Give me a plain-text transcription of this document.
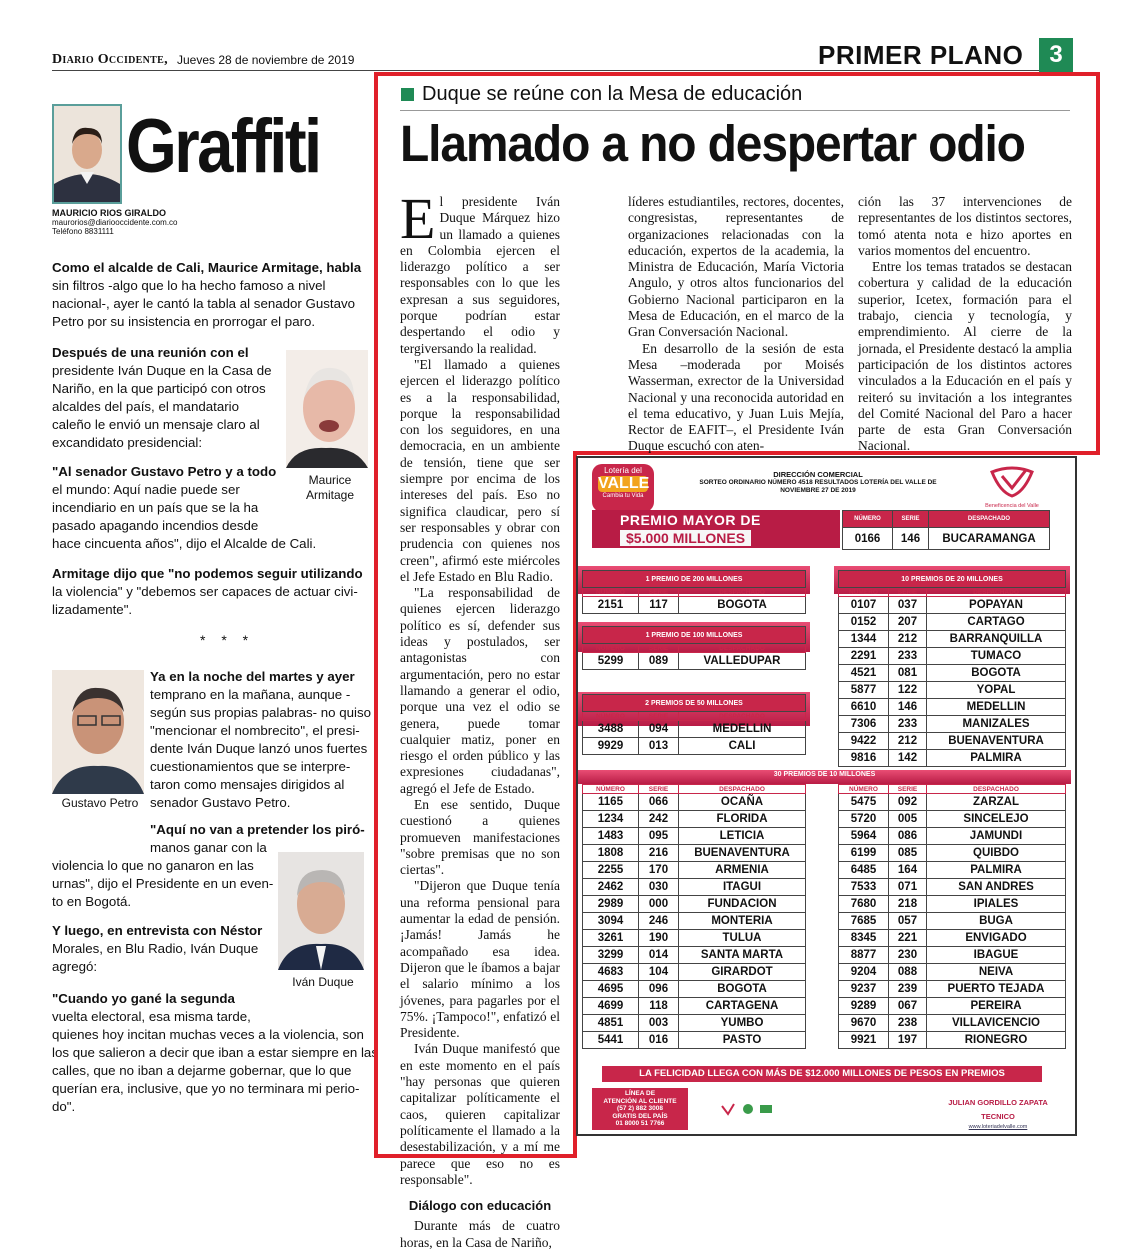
Diario Occidente, Jueves 28 de noviembre de 2019	PRIMER PLANO	3
Graffiti
MAURICIO RIOS GIRALDO
maurorios@diariooccidente.com.co
Teléfono 8831111
Como el alcalde de Cali, Maurice Armitage, habla
sin filtros -algo que lo ha hecho famoso a nivel
nacional-, ayer le cantó la tabla al senador Gustavo
Petro por su insistencia en prorrogar el paro.
Después de una reunión con el
presidente Iván Duque en la Casa de
Nariño, en la que participó con otros
alcaldes del país, el mandatario
caleño le envió un mensaje claro al
excandidato presidencial:
Maurice
Armitage
"Al senador Gustavo Petro y a todo
el mundo: Aquí nadie puede ser
incendiario en un país que se la ha
pasado apagando incendios desde
hace cincuenta años", dijo el Alcalde de Cali.
Armitage dijo que "no podemos seguir utilizando
la violencia" y "debemos ser capaces de actuar civi-
lizadamente".
* * *
Gustavo Petro
Ya en la noche del martes y ayer
temprano en la mañana, aunque -
según sus propias palabras- no quiso
"mencionar el nombrecito", el presi-
dente Iván Duque lanzó unos fuertes
cuestionamientos que se interpre-
taron como mensajes dirigidos al
senador Gustavo Petro.
"Aquí no van a pretender los piró-
manos ganar con la
violencia lo que no ganaron en las
urnas", dijo el Presidente en un even-
to en Bogotá.
Iván Duque
Y luego, en entrevista con Néstor
Morales, en Blu Radio, Iván Duque
agregó:
"Cuando yo gané la segunda
vuelta electoral, esa misma tarde,
quienes hoy incitan muchas veces a la violencia, son
los que salieron a decir que iban a estar siempre en las
calles, que no iban a dejarme gobernar, que lo que
querían era, inclusive, que yo no terminara mi perio-
do".
Duque se reúne con la Mesa de educación
Llamado a no despertar odio

El presidente Iván Duque Márquez hizo un llamado a quienes en Colombia ejercen el liderazgo político a ser responsables con lo que les expresan a sus seguidores, porque podrían estar despertando el odio y tergiversando la realidad.

"El llamado a quienes ejercen el liderazgo político es a la responsabilidad, porque la responsabilidad con los seguidores, en una democracia, en un ambiente de tensión, tiene que ser siempre por encima de los intereses del país. Eso no significa claudicar, pero sí ser responsables y obrar con prudencia con quienes nos creen", afirmó este miércoles el Jefe Estado en Blu Radio.

"La responsabilidad de quienes ejercen liderazgo político es sí, defender sus ideas y postulados, ser antagonistas con argumentación, pero no estar llamando a generar el odio, porque una vez el odio se genera, puede tomar cualquier matiz, poner en riesgo el orden público y las expresiones ciudadanas", agregó el Jefe de Estado.

En ese sentido, Duque cuestionó a quienes promueven manifestaciones "sobre premisas que no son ciertas".

"Dijeron que Duque tenía una reforma pensional para aumentar la edad de pensión. ¡Jamás! Jamás he acompañado esa idea. Dijeron que le íbamos a bajar el salario mínimo a los jóvenes, para pagarles por el 75%. ¡Tampoco!", enfatizó el Presidente.

Iván Duque manifestó que en este momento en el país "hay personas que quieren capitalizar políticamente el caos, quieren capitalizar políticamente el llamado a la desestabilización, y a mí me parece que eso no es responsable".

Diálogo con educación

Durante más de cuatro horas, en la Casa de Nariño,

líderes estudiantiles, rectores, docentes, congresistas, representantes de organizaciones relacionadas con la educación, expertos de la academia, la Ministra de Educación, María Victoria Angulo, y otros altos funcionarios del Gobierno Nacional participaron en la Mesa de Educación, en el marco de la Gran Conversación Nacional.

En desarrollo de la sesión de esta Mesa –moderada por Moisés Wasserman, exrector de la Universidad Nacional y una reconocida autoridad en el tema educativo, y Juan Luis Mejía, Rector de EAFIT–, el Presidente Iván Duque escuchó con aten-

ción las 37 intervenciones de representantes de los distintos sectores, tomó atenta nota e hizo aportes en varios momentos del encuentro.

Entre los temas tratados se destacan cobertura y calidad de la educación superior, Icetex, formación para el trabajo, ciencia y tecnología, y emprendimiento. Al cierre de la jornada, el Presidente destacó la amplia participación de los distintos actores vinculados a la Educación en el país y reiteró su invitación a los integrantes del Comité Nacional del Paro a hacer parte de esta Gran Conversación Nacional.

Lotería del
VALLE
Cambia tu Vida
DIRECCIÓN COMERCIAL
SORTEO ORDINARIO NÚMERO 4518 RESULTADOS LOTERÍA DEL VALLE DE NOVIEMBRE 27 DE 2019
Beneficencia del Valle
PREMIO MAYOR DE
$5.000 MILLONES
NÚMERO	SERIE	DESPACHADO
0166	146	BUCARAMANGA
1 PREMIO DE 200 MILLONES		
NÚMERO	SERIE	DESPACHADO
2151	117	BOGOTA
1 PREMIO DE 100 MILLONES		
NÚMERO	SERIE	DESPACHADO
5299	089	VALLEDUPAR
2 PREMIOS DE 50 MILLONES		
NÚMERO	SERIE	DESPACHADO
3488	094	MEDELLIN
9929	013	CALI
10 PREMIOS DE 20 MILLONES		
NÚMERO	SERIE	DESPACHADO
0107	037	POPAYAN
0152	207	CARTAGO
1344	212	BARRANQUILLA
2291	233	TUMACO
4521	081	BOGOTA
5877	122	YOPAL
6610	146	MEDELLIN
7306	233	MANIZALES
9422	212	BUENAVENTURA
9816	142	PALMIRA
30 PREMIOS DE 10 MILLONES
NÚMERO	SERIE	DESPACHADO
1165	066	OCAÑA
1234	242	FLORIDA
1483	095	LETICIA
1808	216	BUENAVENTURA
2255	170	ARMENIA
2462	030	ITAGUI
2989	000	FUNDACION
3094	246	MONTERIA
3261	190	TULUA
3299	014	SANTA MARTA
4683	104	GIRARDOT
4695	096	BOGOTA
4699	118	CARTAGENA
4851	003	YUMBO
5441	016	PASTO
NÚMERO	SERIE	DESPACHADO
5475	092	ZARZAL
5720	005	SINCELEJO
5964	086	JAMUNDI
6199	085	QUIBDO
6485	164	PALMIRA
7533	071	SAN ANDRES
7680	218	IPIALES
7685	057	BUGA
8345	221	ENVIGADO
8877	230	IBAGUE
9204	088	NEIVA
9237	239	PUERTO TEJADA
9289	067	PEREIRA
9670	238	VILLAVICENCIO
9921	197	RIONEGRO
LA FELICIDAD LLEGA CON MÁS DE $12.000 MILLONES DE PESOS EN PREMIOS
LÍNEA DE
ATENCIÓN AL CLIENTE
(57 2) 882 3008
GRATIS DEL PAÍS
01 8000 51 7766
JULIAN GORDILLO ZAPATA
TECNICO
www.loteriadelvalle.com
